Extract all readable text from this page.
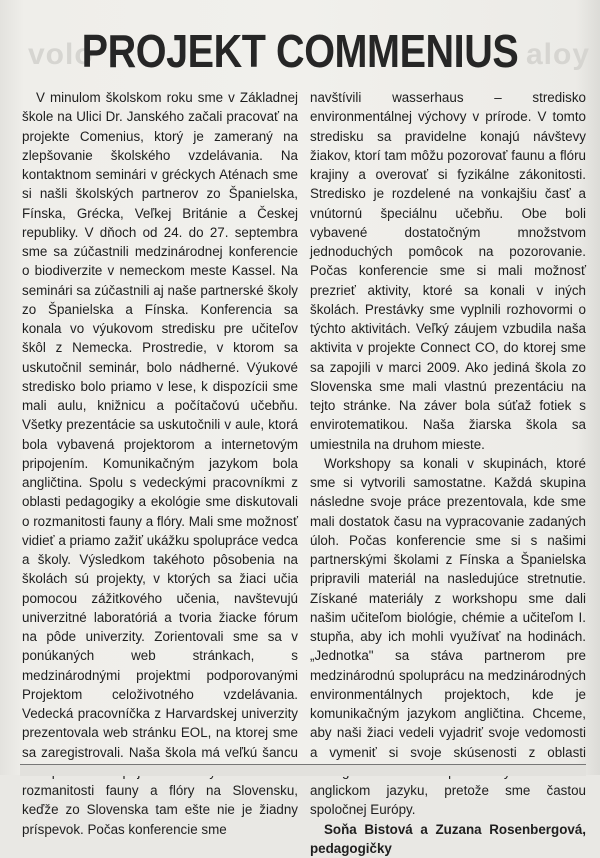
volo	aloy
PROJEKT COMMENIUS

V minulom školskom roku sme v Základnej škole na Ulici Dr. Janského začali pracovať na projekte Comenius, ktorý je zameraný na zlepšovanie školského vzdelávania. Na kontaktnom seminári v gréckych Aténach sme si našli školských partnerov zo Španielska, Fínska, Grécka, Veľkej Británie a Českej republiky. V dňoch od 24. do 27. septembra sme sa zúčastnili medzinárodnej konferencie o biodiverzite v nemeckom meste Kassel. Na seminári sa zúčastnili aj naše partnerské školy zo Španielska a Fínska. Konferencia sa konala vo výukovom stredisku pre učiteľov škôl z Nemecka. Prostredie, v ktorom sa uskutočnil seminár, bolo nádherné. Výukové stredisko bolo priamo v lese, k dispozícii sme mali aulu, knižnicu a počítačovú učebňu. Všetky prezentácie sa uskutočnili v aule, ktorá bola vybavená projektorom a internetovým pripojením. Komunikačným jazykom bola angličtina. Spolu s vedeckými pracovníkmi z oblasti pedagogiky a ekológie sme diskutovali o rozmanitosti fauny a flóry. Mali sme možnosť vidieť a priamo zažiť ukážku spolupráce vedca a školy. Výsledkom takéhoto pôsobenia na školách sú projekty, v ktorých sa žiaci učia pomocou zážitkového učenia, navštevujú univerzitné laboratóriá a tvoria žiacke fórum na pôde univerzity. Zorientovali sme sa v ponúkaných web stránkach, s medzinárodnými projektmi podporovanými Projektom celoživotného vzdelávania. Vedecká pracovníčka z Harvardskej univerzity prezentovala web stránku EOL, na ktorej sme sa zaregistrovali. Naša škola má veľkú šancu rozmanitosti fauny a flóry na Slovensku, keďže zo Slovenska tam ešte nie je žiadny príspevok. Počas konferencie sme

navštívili wasserhaus – stredisko environmentálnej výchovy v prírode. V tomto stredisku sa pravidelne konajú návštevy žiakov, ktorí tam môžu pozorovať faunu a flóru krajiny a overovať si fyzikálne zákonitosti. Stredisko je rozdelené na vonkajšiu časť a vnútornú špeciálnu učebňu. Obe boli vybavené dostatočným množstvom jednoduchých pomôcok na pozorovanie. Počas konferencie sme si mali možnosť prezrieť aktivity, ktoré sa konali v iných školách. Prestávky sme vyplnili rozhovormi o týchto aktivitách. Veľký záujem vzbudila naša aktivita v projekte Connect CO, do ktorej sme sa zapojili v marci 2009. Ako jediná škola zo Slovenska sme mali vlastnú prezentáciu na tejto stránke. Na záver bola súťaž fotiek s envirotematikou. Naša žiarska škola sa umiestnila na druhom mieste.

Workshopy sa konali v skupinách, ktoré sme si vytvorili samostatne. Každá skupina následne svoje práce prezentovala, kde sme mali dostatok času na vypracovanie zadaných úloh. Počas konferencie sme si s našimi partnerskými školami z Fínska a Španielska pripravili materiál na nasledujúce stretnutie. Získané materiály z workshopu sme dali našim učiteľom biológie, chémie a učiteľom I. stupňa, aby ich mohli využívať na hodinách. „Jednotka" sa stáva partnerom pre medzinárodnú spoluprácu na medzinárodných environmentálnych projektoch, kde je komunikačným jazykom angličtina. Chceme, aby naši žiaci vedeli vyjadriť svoje vedomosti a vymeniť si svoje skúsenosti z oblasti anglickom jazyku, pretože sme častou spoločnej Európy.

Soňa Bistová a Zuzana Rosenbergová, pedagogičky
